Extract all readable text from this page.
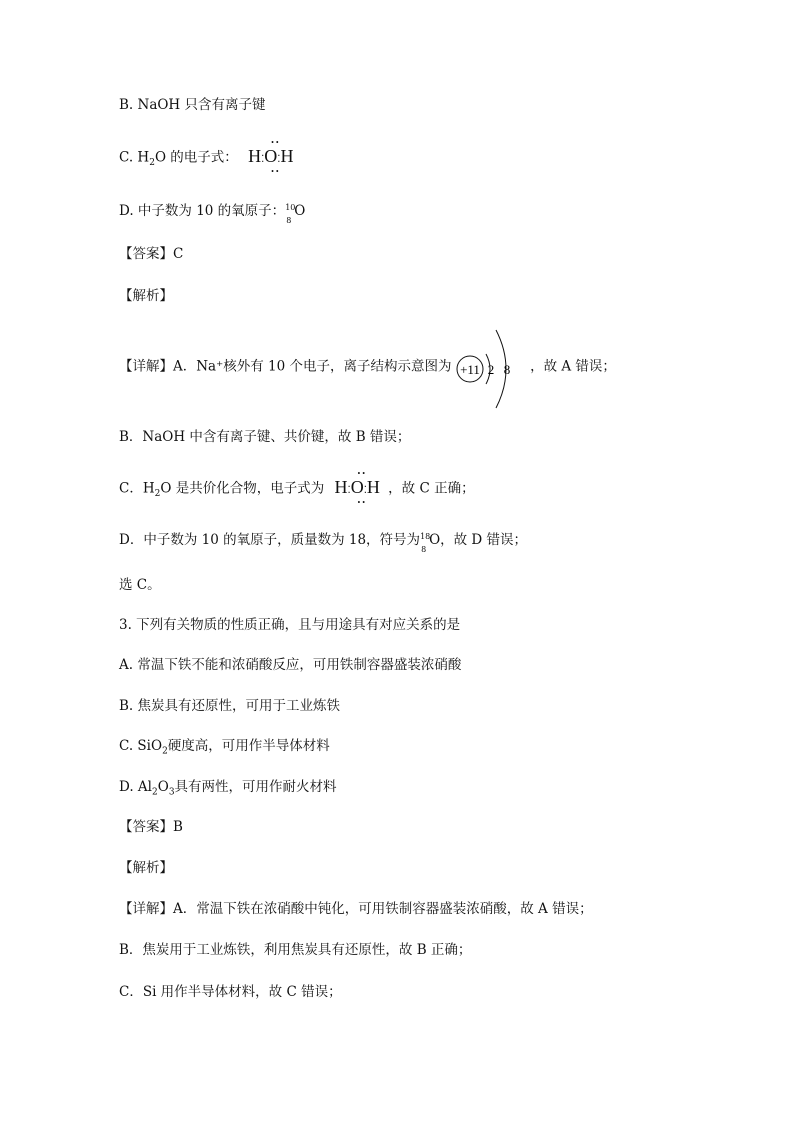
B. NaOH 只含有离子键
C. $H_2O$ 的电子式： H⁚O⁚H
••
••
D. 中子数为 10 的氧原子： 10
8
O
【答案】C
【解析】
【详解】A．Na⁺核外有 10 个电子，离子结构示意图为 +11 2 8 ，故 A 错误；
B．NaOH 中含有离子键、共价键，故 B 错误；
C．$H_2O$ 是共价化合物，电子式为 H⁚O⁚H
••
••
，故 C 正确；
D．中子数为 10 的氧原子，质量数为 18，符号为 18
8
O，故 D 错误；
选 C。
3. 下列有关物质的性质正确，且与用途具有对应关系的是
A. 常温下铁不能和浓硝酸反应，可用铁制容器盛装浓硝酸
B. 焦炭具有还原性，可用于工业炼铁
C. SiO$_2$硬度高，可用作半导体材料
D. $Al_2O_3$具有两性，可用作耐火材料
【答案】B
【解析】
【详解】A．常温下铁在浓硝酸中钝化，可用铁制容器盛装浓硝酸，故 A 错误；
B．焦炭用于工业炼铁，利用焦炭具有还原性，故 B 正确；
C．Si 用作半导体材料，故 C 错误；
